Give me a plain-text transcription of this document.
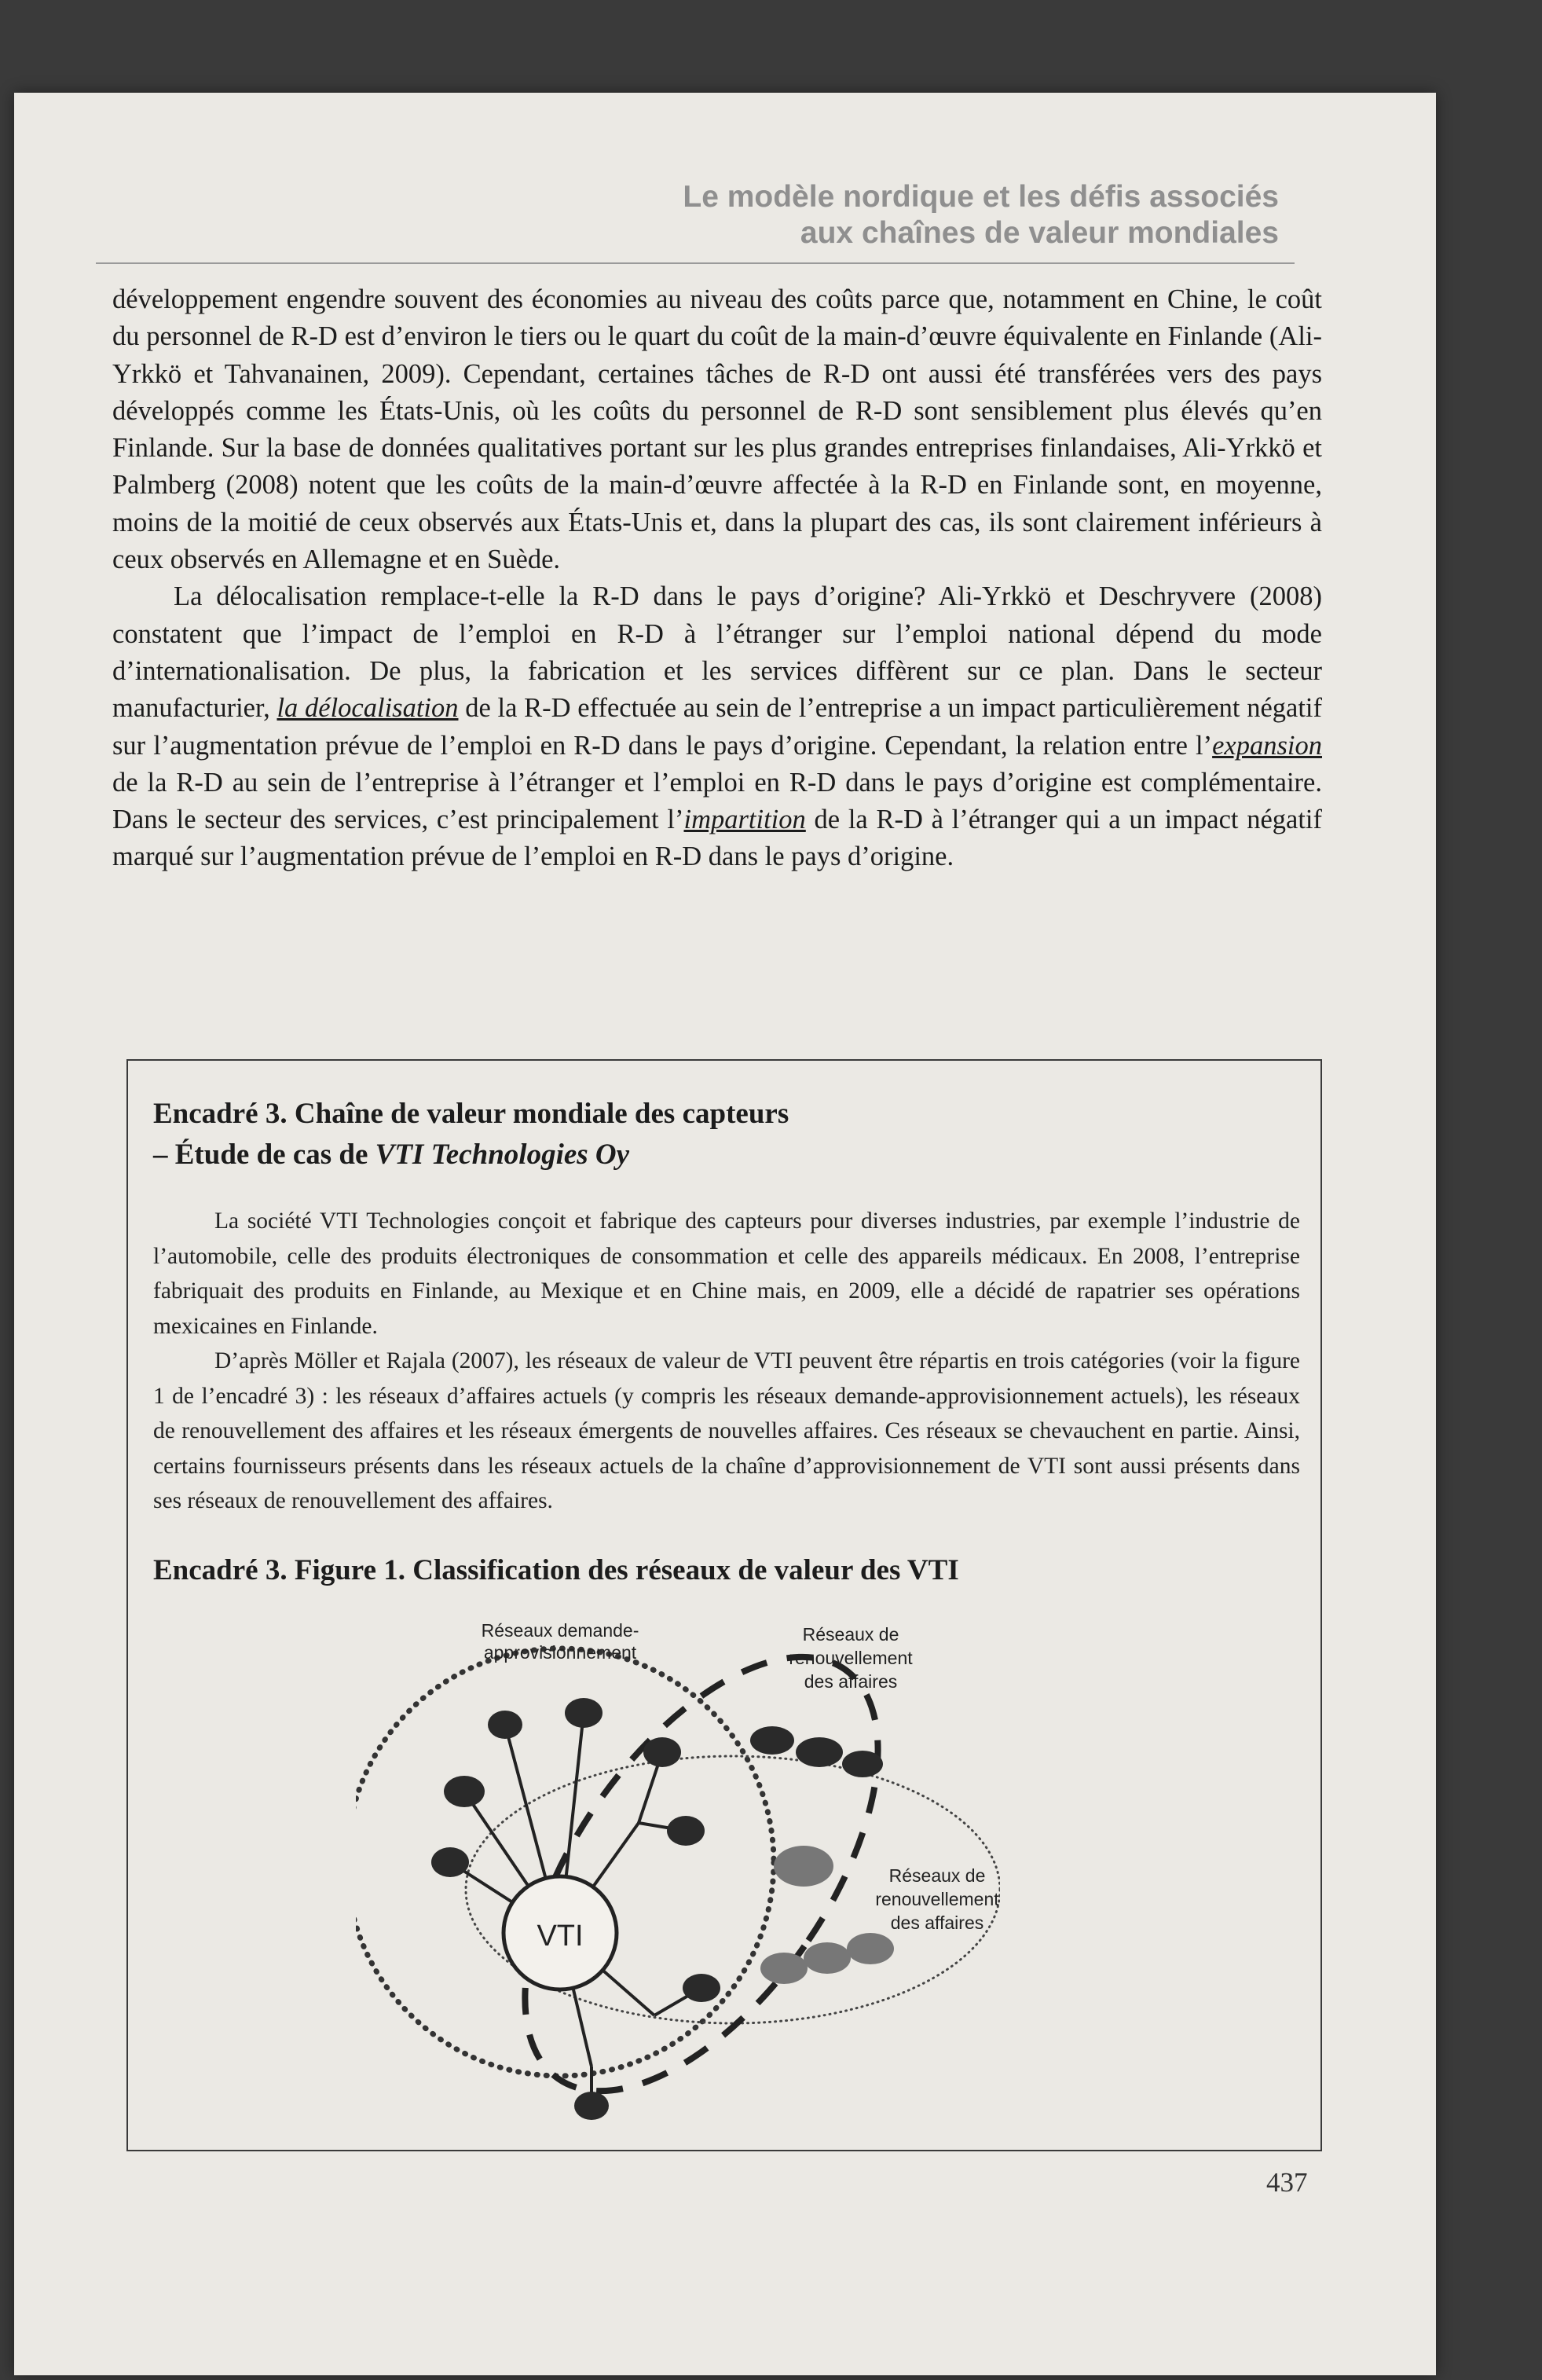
Le modèle nordique et les défis associés
aux chaînes de valeur mondiales

développement engendre souvent des économies au niveau des coûts parce que, notamment en Chine, le coût du personnel de R-D est d’environ le tiers ou le quart du coût de la main-d’œuvre équivalente en Finlande (Ali-Yrkkö et Tahvanainen, 2009). Cependant, certaines tâches de R-D ont aussi été transférées vers des pays développés comme les États-Unis, où les coûts du personnel de R-D sont sensiblement plus élevés qu’en Finlande. Sur la base de données qualitatives portant sur les plus grandes entreprises finlandaises, Ali-Yrkkö et Palmberg (2008) notent que les coûts de la main-d’œuvre affectée à la R-D en Finlande sont, en moyenne, moins de la moitié de ceux observés aux États-Unis et, dans la plupart des cas, ils sont clairement inférieurs à ceux observés en Allemagne et en Suède.

La délocalisation remplace-t-elle la R-D dans le pays d’origine? Ali-Yrkkö et Deschryvere (2008) constatent que l’impact de l’emploi en R-D à l’étranger sur l’emploi national dépend du mode d’internationalisation. De plus, la fabrication et les services diffèrent sur ce plan. Dans le secteur manufacturier, la délocalisation de la R-D effectuée au sein de l’entreprise a un impact particulièrement négatif sur l’augmentation prévue de l’emploi en R-D dans le pays d’origine. Cependant, la relation entre l’expansion de la R-D au sein de l’entreprise à l’étranger et l’emploi en R-D dans le pays d’origine est complémentaire. Dans le secteur des services, c’est principalement l’impartition de la R-D à l’étranger qui a un impact négatif marqué sur l’augmentation prévue de l’emploi en R-D dans le pays d’origine.

Encadré 3. Chaîne de valeur mondiale des capteurs
– Étude de cas de VTI Technologies Oy

La société VTI Technologies conçoit et fabrique des capteurs pour diverses industries, par exemple l’industrie de l’automobile, celle des produits électroniques de consommation et celle des appareils médicaux. En 2008, l’entreprise fabriquait des produits en Finlande, au Mexique et en Chine mais, en 2009, elle a décidé de rapatrier ses opérations mexicaines en Finlande.

D’après Möller et Rajala (2007), les réseaux de valeur de VTI peuvent être répartis en trois catégories (voir la figure 1 de l’encadré 3) : les réseaux d’affaires actuels (y compris les réseaux demande-approvisionnement actuels), les réseaux de renouvellement des affaires et les réseaux émergents de nouvelles affaires. Ces réseaux se chevauchent en partie. Ainsi, certains fournisseurs présents dans les réseaux actuels de la chaîne d’approvisionnement de VTI sont aussi présents dans ses réseaux de renouvellement des affaires.

Encadré 3. Figure 1. Classification des réseaux de valeur des VTI
VTI
Réseaux demande-
approvisionnement
Réseaux de
renouvellement
des affaires
Réseaux de
renouvellement
des affaires
437
